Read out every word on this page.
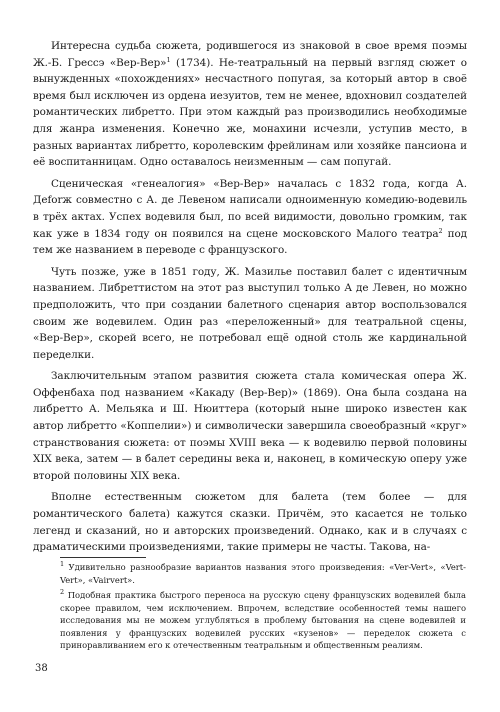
Интересна судьба сюжета, родившегося из знаковой в свое время поэмы Ж.-Б. Грессэ «Вер-Вер»$^1$ (1734). Не-театральный на первый взгляд сюжет о вынужденных «похождениях» несчастного попугая, за который автор в своё время был исключен из ордена иезуитов, тем не менее, вдохновил создателей романтических либретто. При этом каждый раз производились необходимые для жанра изменения. Конечно же, монахини исчезли, уступив место, в разных вариантах либретто, королевским фрейлинам или хозяйке пансиона и её воспитанницам. Одно оставалось неизменным — сам попугай.

Сценическая «генеалогия» «Вер-Вер» началась с 1832 года, когда А. Деforж совместно с А. де Левеном написали одноименную комедию-водевиль в трёх актах. Успех водевиля был, по всей видимости, довольно громким, так как уже в 1834 году он появился на сцене московского Малого театра$^2$ под тем же названием в переводе с французского.

Чуть позже, уже в 1851 году, Ж. Мазилье поставил балет с идентичным названием. Либреттистом на этот раз выступил только А де Левен, но можно предположить, что при создании балетного сценария автор воспользовался своим же водевилем. Один раз «переложенный» для театральной сцены, «Вер-Вер», скорей всего, не потребовал ещё одной столь же кардинальной переделки.

Заключительным этапом развития сюжета стала комическая опера Ж. Оффенбаха под названием «Какаду (Вер-Вер)» (1869). Она была создана на либретто А. Мельяка и Ш. Нюиттера (который ныне широко известен как автор либретто «Коппелии») и символически завершила своеобразный «круг» странствования сюжета: от поэмы XVIII века — к водевилю первой половины XIX века, затем — в балет середины века и, наконец, в комическую оперу уже второй половины XIX века.

Вполне естественным сюжетом для балета (тем более — для романтического балета) кажутся сказки. Причём, это касается не только легенд и сказаний, но и авторских произведений. Однако, как и в случаях с драматическими произведениями, такие примеры не часты. Такова, на-

$^1$ Удивительно разнообразие вариантов названия этого произведения: «Ver-Vert», «Vert-Vert», «Vairvert».

$^2$ Подобная практика быстрого переноса на русскую сцену французских водевилей была скорее правилом, чем исключением. Впрочем, вследствие особенностей темы нашего исследования мы не можем углубляться в проблему бытования на сцене водевилей и появления у французских водевилей русских «кузенов» — переделок сюжета с приноравливанием его к отечественным театральным и общественным реалиям.

38
